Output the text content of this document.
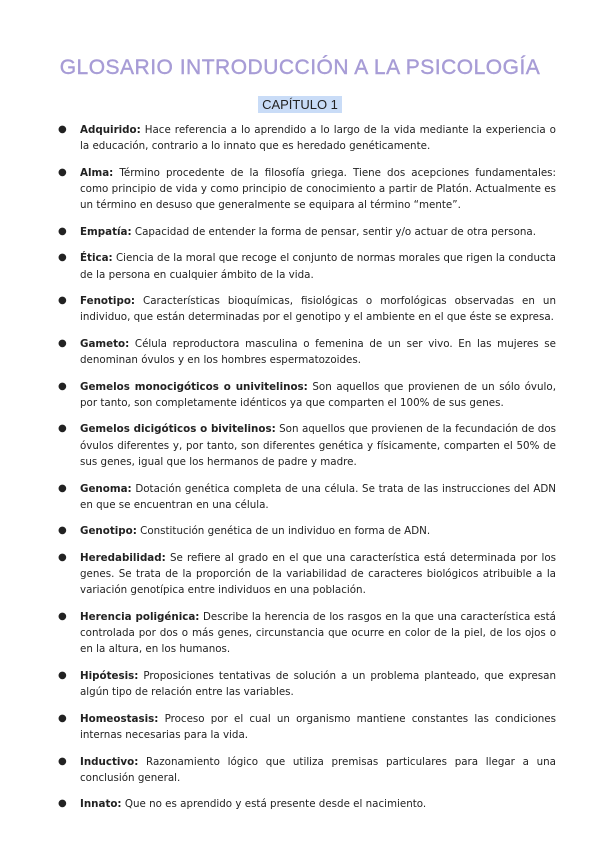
GLOSARIO INTRODUCCIÓN A LA PSICOLOGÍA
CAPÍTULO 1
● Adquirido: Hace referencia a lo aprendido a lo largo de la vida mediante la experiencia o la educación, contrario a lo innato que es heredado genéticamente.
● Alma: Término procedente de la filosofía griega. Tiene dos acepciones fundamentales: como principio de vida y como principio de conocimiento a partir de Platón. Actualmente es un término en desuso que generalmente se equipara al término “mente”.
● Empatía: Capacidad de entender la forma de pensar, sentir y/o actuar de otra persona.
● Ética: Ciencia de la moral que recoge el conjunto de normas morales que rigen la conducta de la persona en cualquier ámbito de la vida.
● Fenotipo: Características bioquímicas, fisiológicas o morfológicas observadas en un individuo, que están determinadas por el genotipo y el ambiente en el que éste se expresa.
● Gameto: Célula reproductora masculina o femenina de un ser vivo. En las mujeres se denominan óvulos y en los hombres espermatozoides.
● Gemelos monocigóticos o univitelinos: Son aquellos que provienen de un sólo óvulo, por tanto, son completamente idénticos ya que comparten el 100% de sus genes.
● Gemelos dicigóticos o bivitelinos: Son aquellos que provienen de la fecundación de dos óvulos diferentes y, por tanto, son diferentes genética y físicamente, comparten el 50% de sus genes, igual que los hermanos de padre y madre.
● Genoma: Dotación genética completa de una célula. Se trata de las instrucciones del ADN en que se encuentran en una célula.
● Genotipo: Constitución genética de un individuo en forma de ADN.
● Heredabilidad: Se refiere al grado en el que una característica está determinada por los genes. Se trata de la proporción de la variabilidad de caracteres biológicos atribuible a la variación genotípica entre individuos en una población.
● Herencia poligénica: Describe la herencia de los rasgos en la que una característica está controlada por dos o más genes, circunstancia que ocurre en color de la piel, de los ojos o en la altura, en los humanos.
● Hipótesis: Proposiciones tentativas de solución a un problema planteado, que expresan algún tipo de relación entre las variables.
● Homeostasis: Proceso por el cual un organismo mantiene constantes las condiciones internas necesarias para la vida.
● Inductivo: Razonamiento lógico que utiliza premisas particulares para llegar a una conclusión general.
● Innato: Que no es aprendido y está presente desde el nacimiento.
